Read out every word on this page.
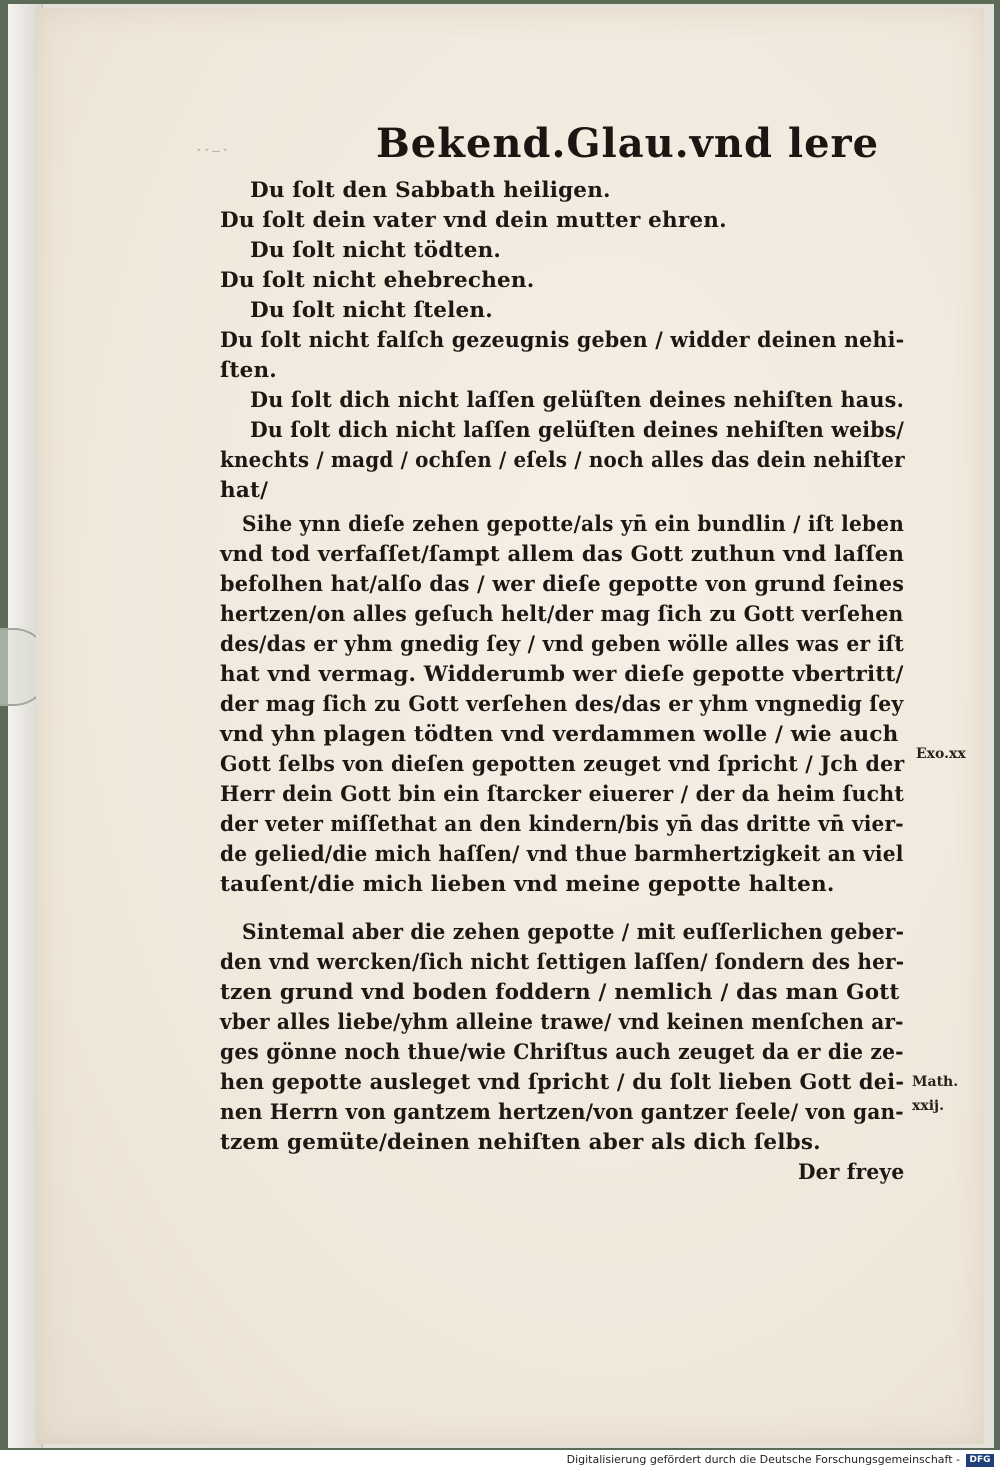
··–·	Bekend.Glau.vnd lere
Du ſolt den Sabbath heiligen.
Du ſolt dein vater vnd dein mutter ehren.
Du ſolt nicht tödten.
Du ſolt nicht ehebrechen.
Du ſolt nicht ſtelen.
Du ſolt nicht falſch gezeugnis geben / widder deinen nehi-
ſten.
Du ſolt dich nicht laſſen gelüſten deines nehiſten haus.
Du ſolt dich nicht laſſen gelüſten deines nehiſten weibs/
knechts / magd / ochſen / eſels / noch alles das dein nehiſter
hat/
Sihe ynn dieſe zehen gepotte/als yn̄ ein bundlin / iſt leben
vnd tod verfaſſet/ſampt allem das Gott zuthun vnd laſſen
befolhen hat/alſo das / wer dieſe gepotte von grund ſeines
hertzen/on alles geſuch helt/der mag ſich zu Gott verſehen
des/das er yhm gnedig ſey / vnd geben wölle alles was er iſt
hat vnd vermag. Widderumb wer dieſe gepotte vbertritt/
der mag ſich zu Gott verſehen des/das er yhm vngnedig ſey
vnd yhn plagen tödten vnd verdammen wolle / wie auch
Gott ſelbs von dieſen gepotten zeuget vnd ſpricht / Jch der
Herr dein Gott bin ein ſtarcker eiuerer / der da heim ſucht
der veter miſſethat an den kindern/bis yn̄ das dritte vn̄ vier-
de gelied/die mich haſſen/ vnd thue barmhertzigkeit an viel
tauſent/die mich lieben vnd meine gepotte halten.
Sintemal aber die zehen gepotte / mit euſſerlichen geber-
den vnd wercken/ſich nicht ſettigen laſſen/ ſondern des her-
tzen grund vnd boden foddern / nemlich / das man Gott
vber alles liebe/yhm alleine trawe/ vnd keinen menſchen ar-
ges gönne noch thue/wie Chriſtus auch zeuget da er die ze-
hen gepotte ausleget vnd ſpricht / du ſolt lieben Gott dei-
nen Herrn von gantzem hertzen/von gantzer ſeele/ von gan-
tzem gemüte/deinen nehiſten aber als dich ſelbs.
Der freye
Exo.xx
Math.
xxij.
Digitalisierung gefördert durch die Deutsche Forschungsgemeinschaft -	DFG
